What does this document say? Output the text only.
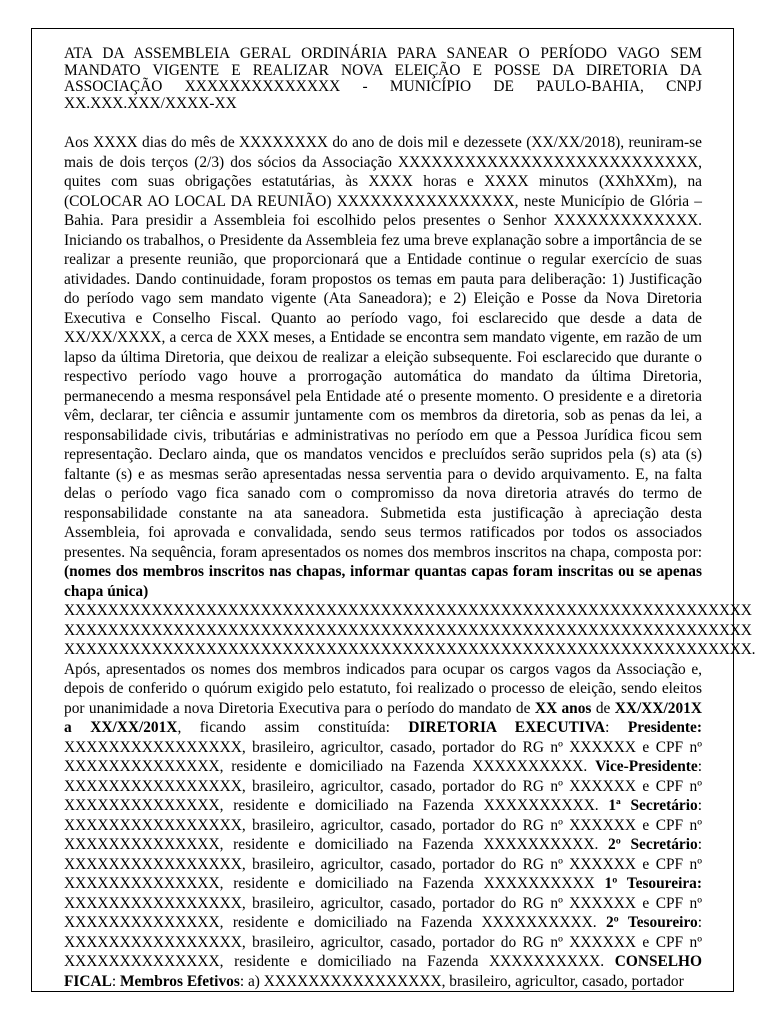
ATA DA ASSEMBLEIA GERAL ORDINÁRIA PARA SANEAR O PERÍODO VAGO SEM MANDATO VIGENTE E REALIZAR NOVA ELEIÇÃO E POSSE DA DIRETORIA DA ASSOCIAÇÃO XXXXXXXXXXXXXX - MUNICÍPIO DE PAULO-BAHIA, CNPJ XX.XXX.XXX/XXXX-XX

Aos XXXX dias do mês de XXXXXXXX do ano de dois mil e dezessete (XX/XX/2018), reuniram-se mais de dois terços (2/3) dos sócios da Associação XXXXXXXXXXXXXXXXXXXXXXXXXXX, quites com suas obrigações estatutárias, às XXXX horas e XXXX minutos (XXhXXm), na (COLOCAR AO LOCAL DA REUNIÃO) XXXXXXXXXXXXXXXX, neste Município de Glória – Bahia. Para presidir a Assembleia foi escolhido pelos presentes o Senhor XXXXXXXXXXXXX. Iniciando os trabalhos, o Presidente da Assembleia fez uma breve explanação sobre a importância de se realizar a presente reunião, que proporcionará que a Entidade continue o regular exercício de suas atividades. Dando continuidade, foram propostos os temas em pauta para deliberação: 1) Justificação do período vago sem mandato vigente (Ata Saneadora); e 2) Eleição e Posse da Nova Diretoria Executiva e Conselho Fiscal. Quanto ao período vago, foi esclarecido que desde a data de XX/XX/XXXX, a cerca de XXX meses, a Entidade se encontra sem mandato vigente, em razão de um lapso da última Diretoria, que deixou de realizar a eleição subsequente. Foi esclarecido que durante o respectivo período vago houve a prorrogação automática do mandato da última Diretoria, permanecendo a mesma responsável pela Entidade até o presente momento. O presidente e a diretoria vêm, declarar, ter ciência e assumir juntamente com os membros da diretoria, sob as penas da lei, a responsabilidade civis, tributárias e administrativas no período em que a Pessoa Jurídica ficou sem representação. Declaro ainda, que os mandatos vencidos e precluídos serão supridos pela (s) ata (s) faltante (s) e as mesmas serão apresentadas nessa serventia para o devido arquivamento. E, na falta delas o período vago fica sanado com o compromisso da nova diretoria através do termo de responsabilidade constante na ata saneadora. Submetida esta justificação à apreciação desta Assembleia, foi aprovada e convalidada, sendo seus termos ratificados por todos os associados presentes. Na sequência, foram apresentados os nomes dos membros inscritos na chapa, composta por: (nomes dos membros inscritos nas chapas, informar quantas capas foram inscritas ou se apenas chapa única)
XXXXXXXXXXXXXXXXXXXXXXXXXXXXXXXXXXXXXXXXXXXXXXXXXXXXXXXXXXXXXXX
XXXXXXXXXXXXXXXXXXXXXXXXXXXXXXXXXXXXXXXXXXXXXXXXXXXXXXXXXXXXXXX
XXXXXXXXXXXXXXXXXXXXXXXXXXXXXXXXXXXXXXXXXXXXXXXXXXXXXXXXXXXXXXX.
Após, apresentados os nomes dos membros indicados para ocupar os cargos vagos da Associação e, depois de conferido o quórum exigido pelo estatuto, foi realizado o processo de eleição, sendo eleitos por unanimidade a nova Diretoria Executiva para o período do mandato de XX anos de XX/XX/201X a XX/XX/201X, ficando assim constituída: DIRETORIA EXECUTIVA: Presidente: XXXXXXXXXXXXXXXX, brasileiro, agricultor, casado, portador do RG nº XXXXXX e CPF nº XXXXXXXXXXXXXX, residente e domiciliado na Fazenda XXXXXXXXXX. Vice-Presidente: XXXXXXXXXXXXXXXX, brasileiro, agricultor, casado, portador do RG nº XXXXXX e CPF nº XXXXXXXXXXXXXX, residente e domiciliado na Fazenda XXXXXXXXXX. 1ª Secretário: XXXXXXXXXXXXXXXX, brasileiro, agricultor, casado, portador do RG nº XXXXXX e CPF nº XXXXXXXXXXXXXX, residente e domiciliado na Fazenda XXXXXXXXXX. 2º Secretário: XXXXXXXXXXXXXXXX, brasileiro, agricultor, casado, portador do RG nº XXXXXX e CPF nº XXXXXXXXXXXXXX, residente e domiciliado na Fazenda XXXXXXXXXX 1º Tesoureira: XXXXXXXXXXXXXXXX, brasileiro, agricultor, casado, portador do RG nº XXXXXX e CPF nº XXXXXXXXXXXXXX, residente e domiciliado na Fazenda XXXXXXXXXX. 2º Tesoureiro: XXXXXXXXXXXXXXXX, brasileiro, agricultor, casado, portador do RG nº XXXXXX e CPF nº XXXXXXXXXXXXXX, residente e domiciliado na Fazenda XXXXXXXXXX. CONSELHO FICAL: Membros Efetivos: a) XXXXXXXXXXXXXXXX, brasileiro, agricultor, casado, portador
